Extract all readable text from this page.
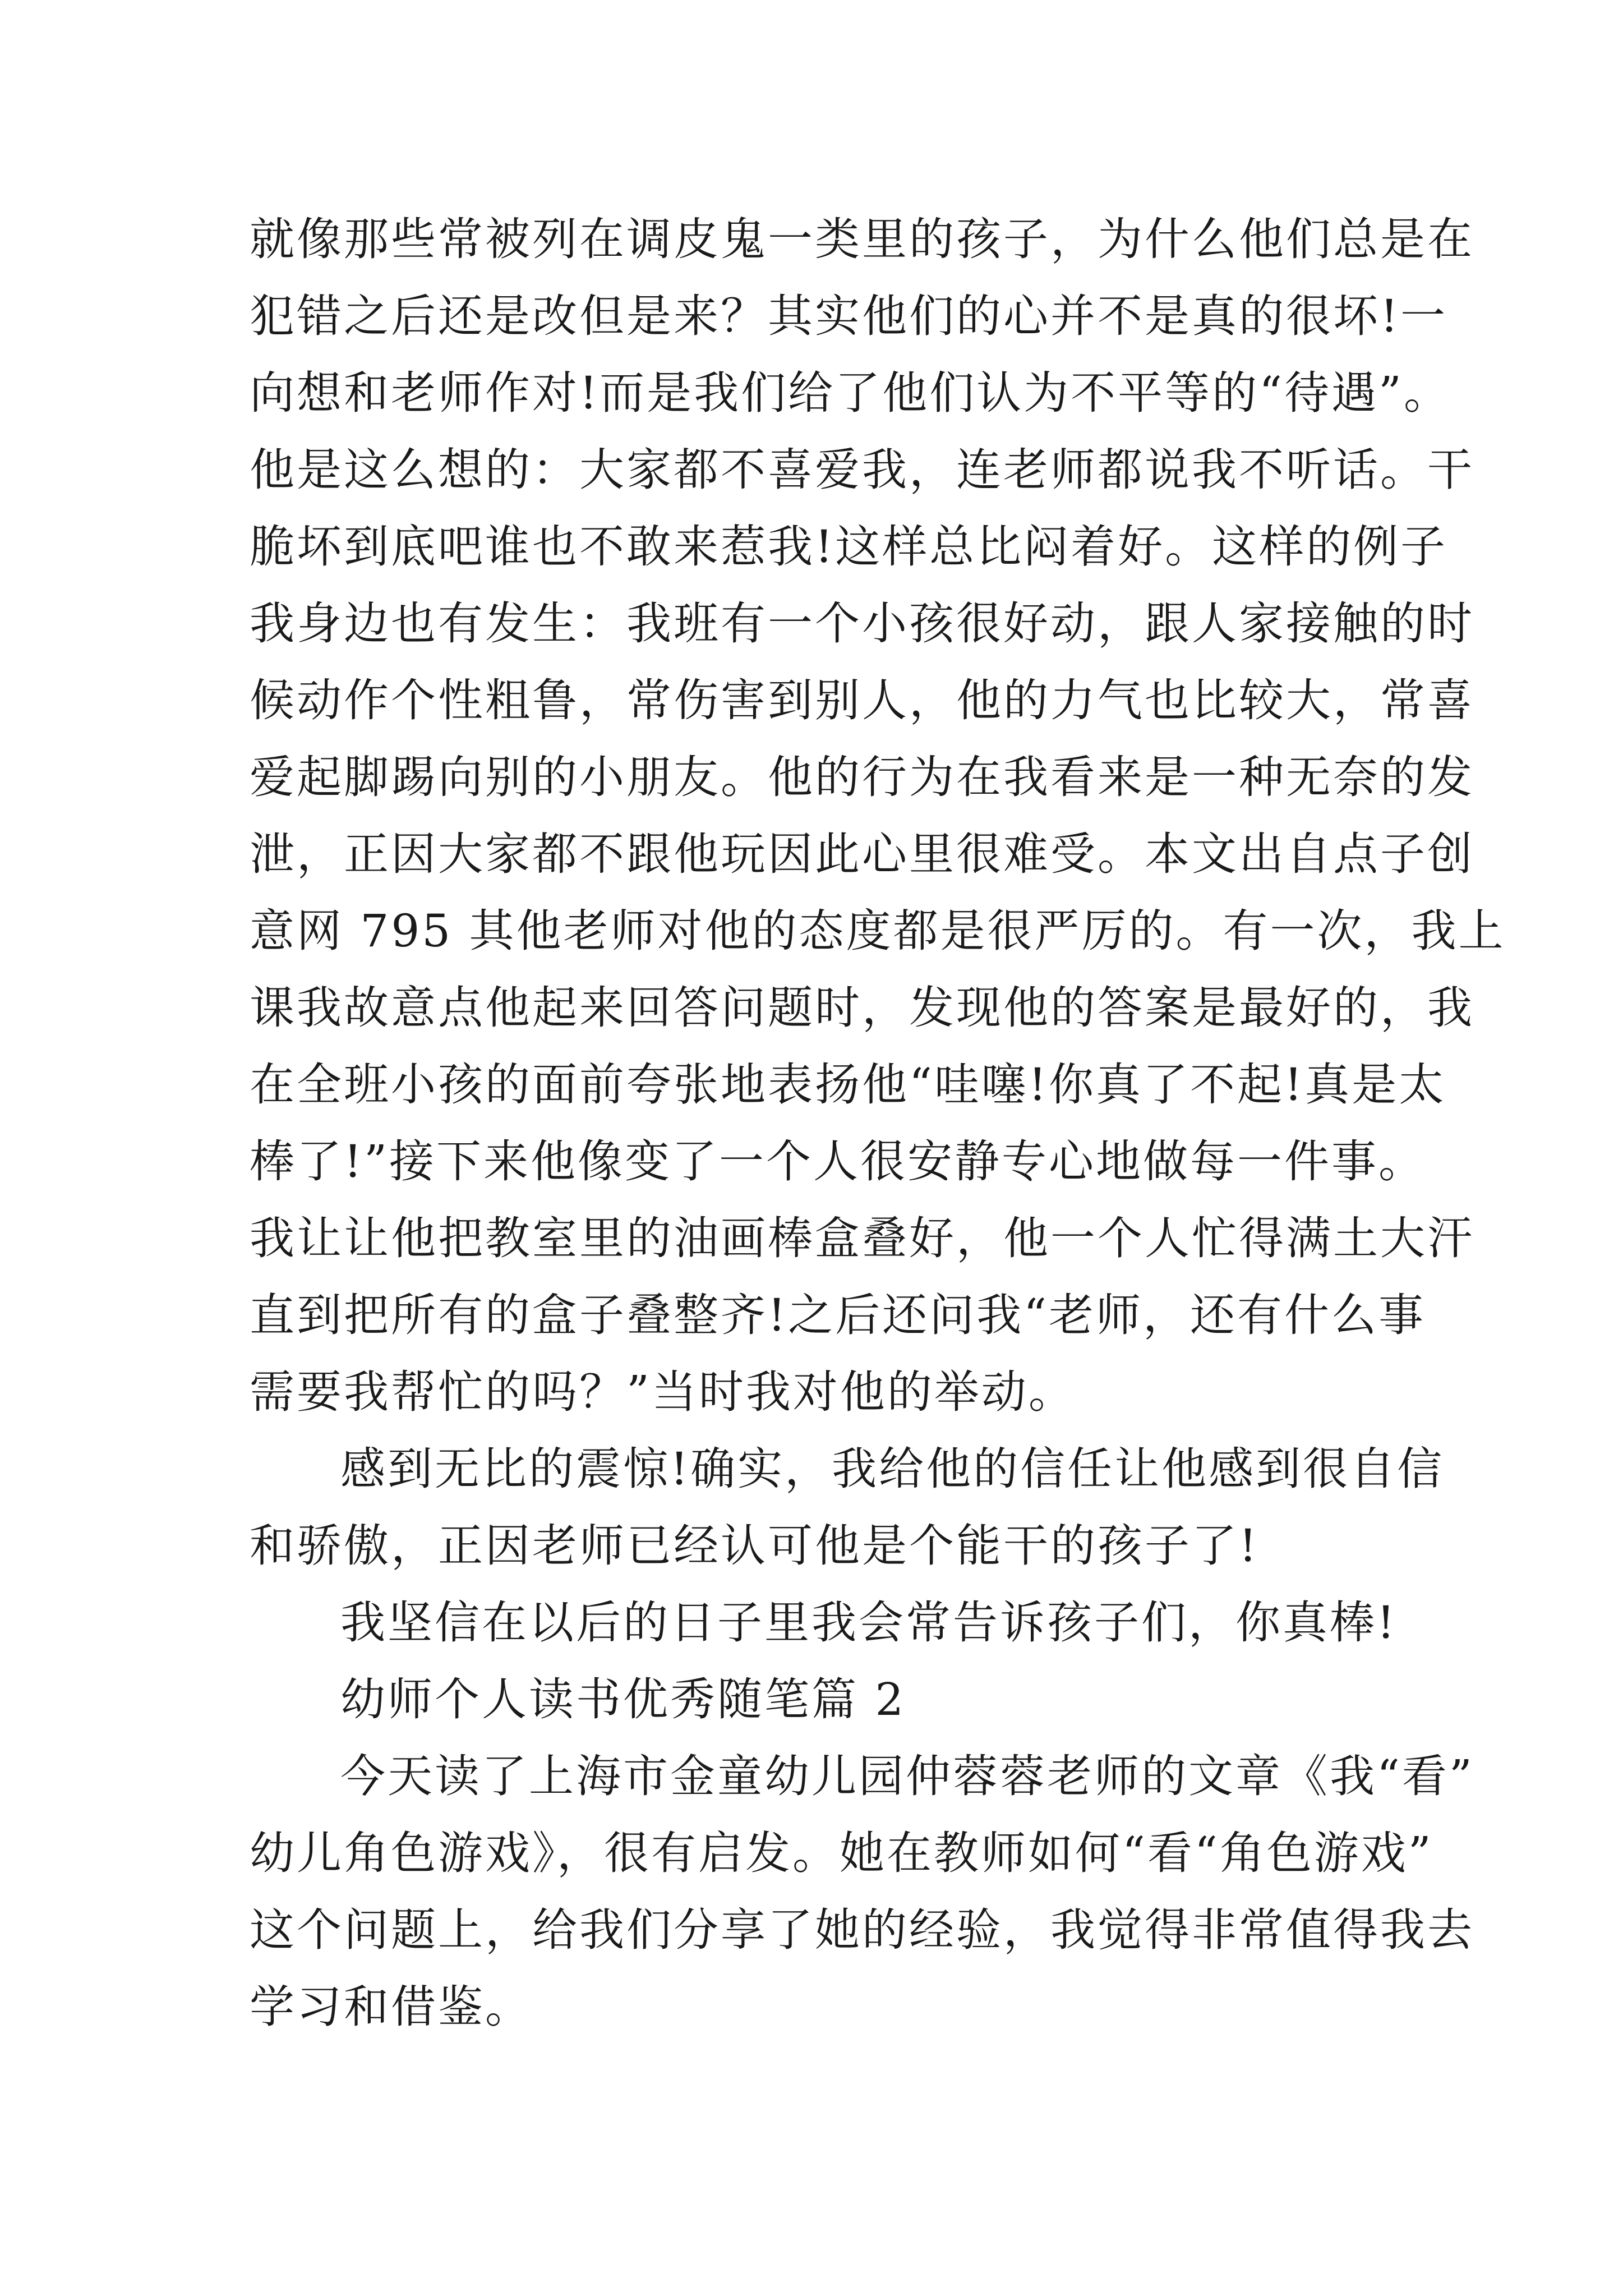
就像那些常被列在调皮鬼一类里的孩子，为什么他们总是在
犯错之后还是改但是来？其实他们的心并不是真的很坏!一
向想和老师作对!而是我们给了他们认为不平等的“待遇”。
他是这么想的：大家都不喜爱我，连老师都说我不听话。干
脆坏到底吧谁也不敢来惹我!这样总比闷着好。这样的例子
我身边也有发生：我班有一个小孩很好动，跟人家接触的时
候动作个性粗鲁，常伤害到别人，他的力气也比较大，常喜
爱起脚踢向别的小朋友。他的行为在我看来是一种无奈的发
泄，正因大家都不跟他玩因此心里很难受。本文出自点子创
意网 795 其他老师对他的态度都是很严厉的。有一次，我上
课我故意点他起来回答问题时，发现他的答案是最好的，我
在全班小孩的面前夸张地表扬他“哇噻!你真了不起!真是太
棒了!”接下来他像变了一个人很安静专心地做每一件事。
我让让他把教室里的油画棒盒叠好，他一个人忙得满土大汗
直到把所有的盒子叠整齐!之后还问我“老师，还有什么事
需要我帮忙的吗？”当时我对他的举动。
感到无比的震惊!确实，我给他的信任让他感到很自信
和骄傲，正因老师已经认可他是个能干的孩子了!
我坚信在以后的日子里我会常告诉孩子们，你真棒!
幼师个人读书优秀随笔篇 2
今天读了上海市金童幼儿园仲蓉蓉老师的文章《我“看”
幼儿角色游戏》，很有启发。她在教师如何“看“角色游戏”
这个问题上，给我们分享了她的经验，我觉得非常值得我去
学习和借鉴。
